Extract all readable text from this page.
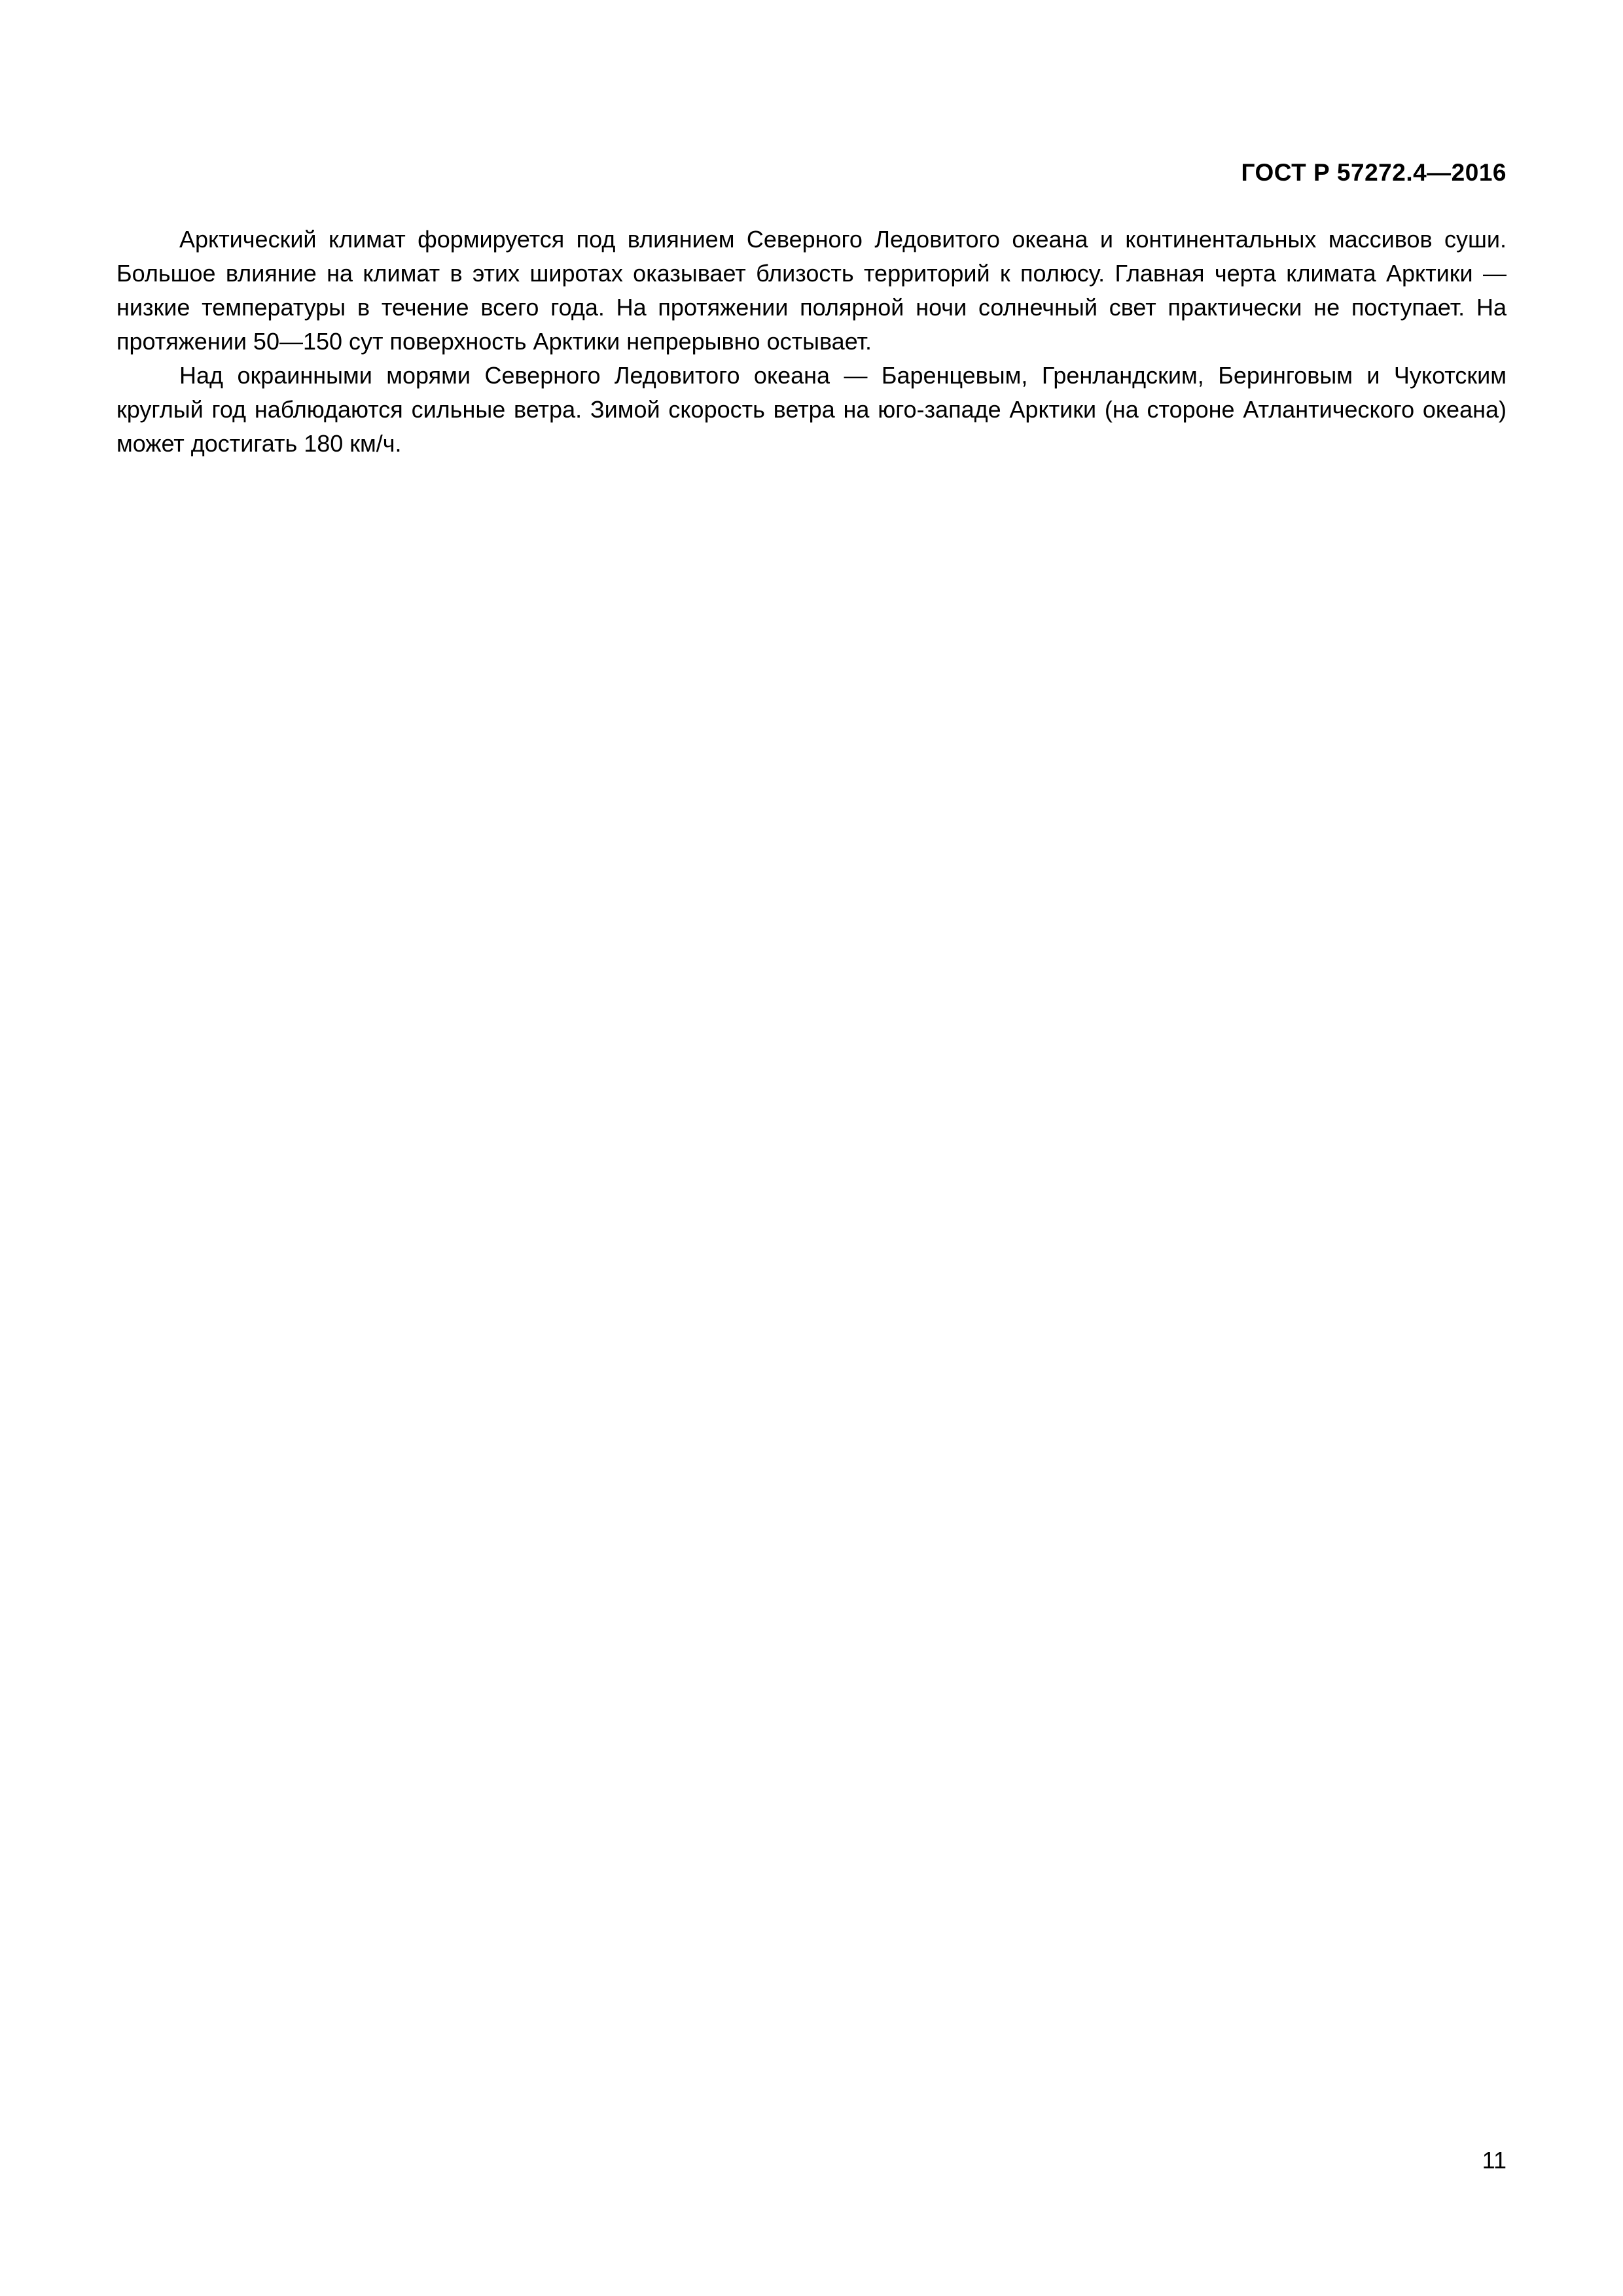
ГОСТ Р 57272.4—2016

Арктический климат формируется под влиянием Северного Ледовитого океана и континентальных массивов суши. Большое влияние на климат в этих широтах оказывает близость территорий к полюсу. Главная черта климата Арктики — низкие температуры в течение всего года. На протяжении полярной ночи солнечный свет практически не поступает. На протяжении 50—150 сут поверхность Арктики непрерывно остывает.

Над окраинными морями Северного Ледовитого океана — Баренцевым, Гренландским, Беринговым и Чукотским круглый год наблюдаются сильные ветра. Зимой скорость ветра на юго-западе Арктики (на стороне Атлантического океана) может достигать 180 км/ч.

11
